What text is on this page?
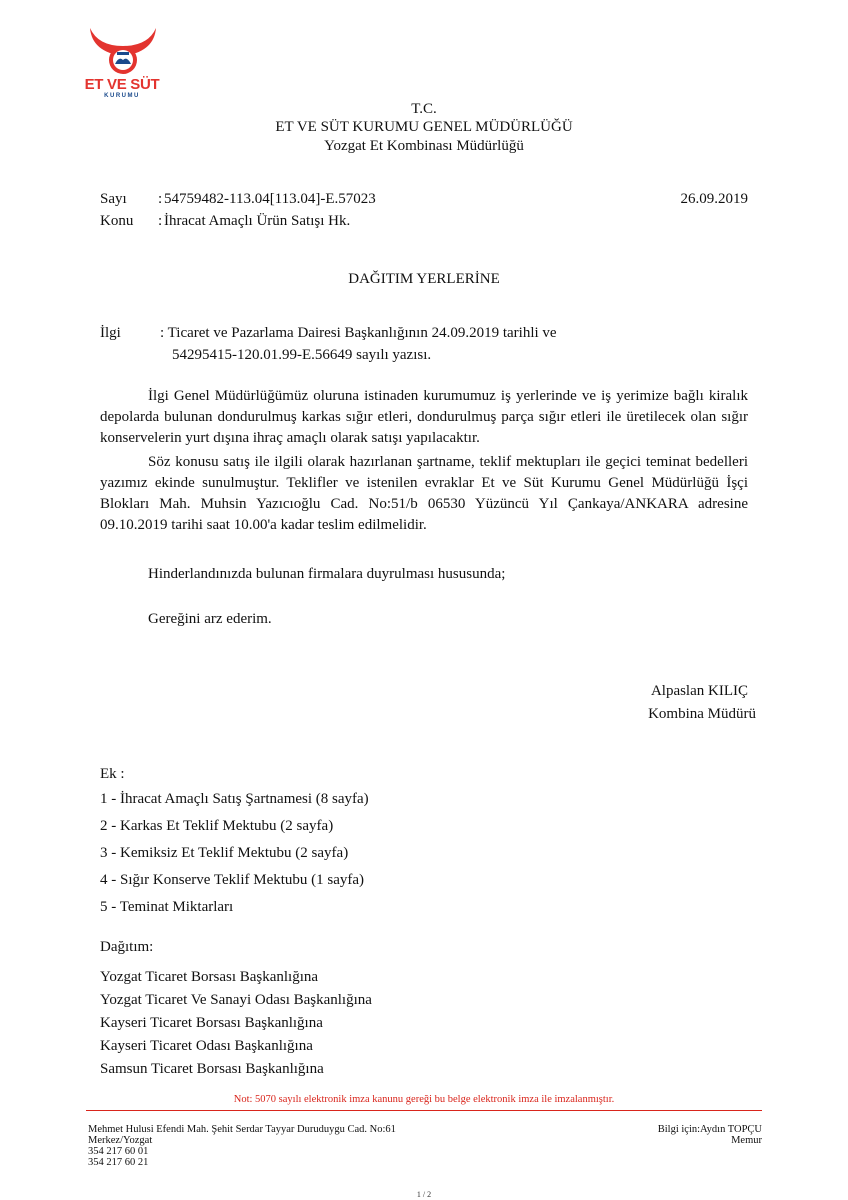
ET VE SÜT
KURUMU
T.C.
ET VE SÜT KURUMU GENEL MÜDÜRLÜĞÜ
Yozgat Et Kombinası Müdürlüğü
Sayı : 54759482-113.04[113.04]-E.57023	26.09.2019
Konu : İhracat Amaçlı Ürün Satışı Hk.
DAĞITIM YERLERİNE
İlgi	: Ticaret ve Pazarlama Dairesi Başkanlığının 24.09.2019 tarihli ve
54295415-120.01.99-E.56649 sayılı yazısı.
İlgi Genel Müdürlüğümüz oluruna istinaden kurumumuz iş yerlerinde ve iş yerimize bağlı kiralık depolarda bulunan dondurulmuş karkas sığır etleri, dondurulmuş parça sığır etleri ile üretilecek olan sığır konservelerin yurt dışına ihraç amaçlı olarak satışı yapılacaktır.
Söz konusu satış ile ilgili olarak hazırlanan şartname, teklif mektupları ile geçici teminat bedelleri yazımız ekinde sunulmuştur. Teklifler ve istenilen evraklar Et ve Süt Kurumu Genel Müdürlüğü İşçi Blokları Mah. Muhsin Yazıcıoğlu Cad. No:51/b 06530 Yüzüncü Yıl Çankaya/ANKARA adresine 09.10.2019 tarihi saat 10.00'a kadar teslim edilmelidir.
Hinderlandınızda bulunan firmalara duyrulması hususunda;
Gereğini arz ederim.
Alpaslan KILIÇ
Kombina Müdürü
Ek :
1 - İhracat Amaçlı Satış Şartnamesi (8 sayfa)
2 - Karkas Et Teklif Mektubu (2 sayfa)
3 - Kemiksiz Et Teklif Mektubu (2 sayfa)
4 - Sığır Konserve Teklif Mektubu (1 sayfa)
5 - Teminat Miktarları
Dağıtım:
Yozgat Ticaret Borsası Başkanlığına
Yozgat Ticaret Ve Sanayi Odası Başkanlığına
Kayseri Ticaret Borsası Başkanlığına
Kayseri Ticaret Odası Başkanlığına
Samsun Ticaret Borsası Başkanlığına
Not: 5070 sayılı elektronik imza kanunu gereği bu belge elektronik imza ile imzalanmıştır.
Mehmet Hulusi Efendi Mah. Şehit Serdar Tayyar Duruduygu Cad. No:61
Merkez/Yozgat
354 217 60 01
354 217 60 21
Bilgi için:Aydın TOPÇU
Memur
1 / 2
